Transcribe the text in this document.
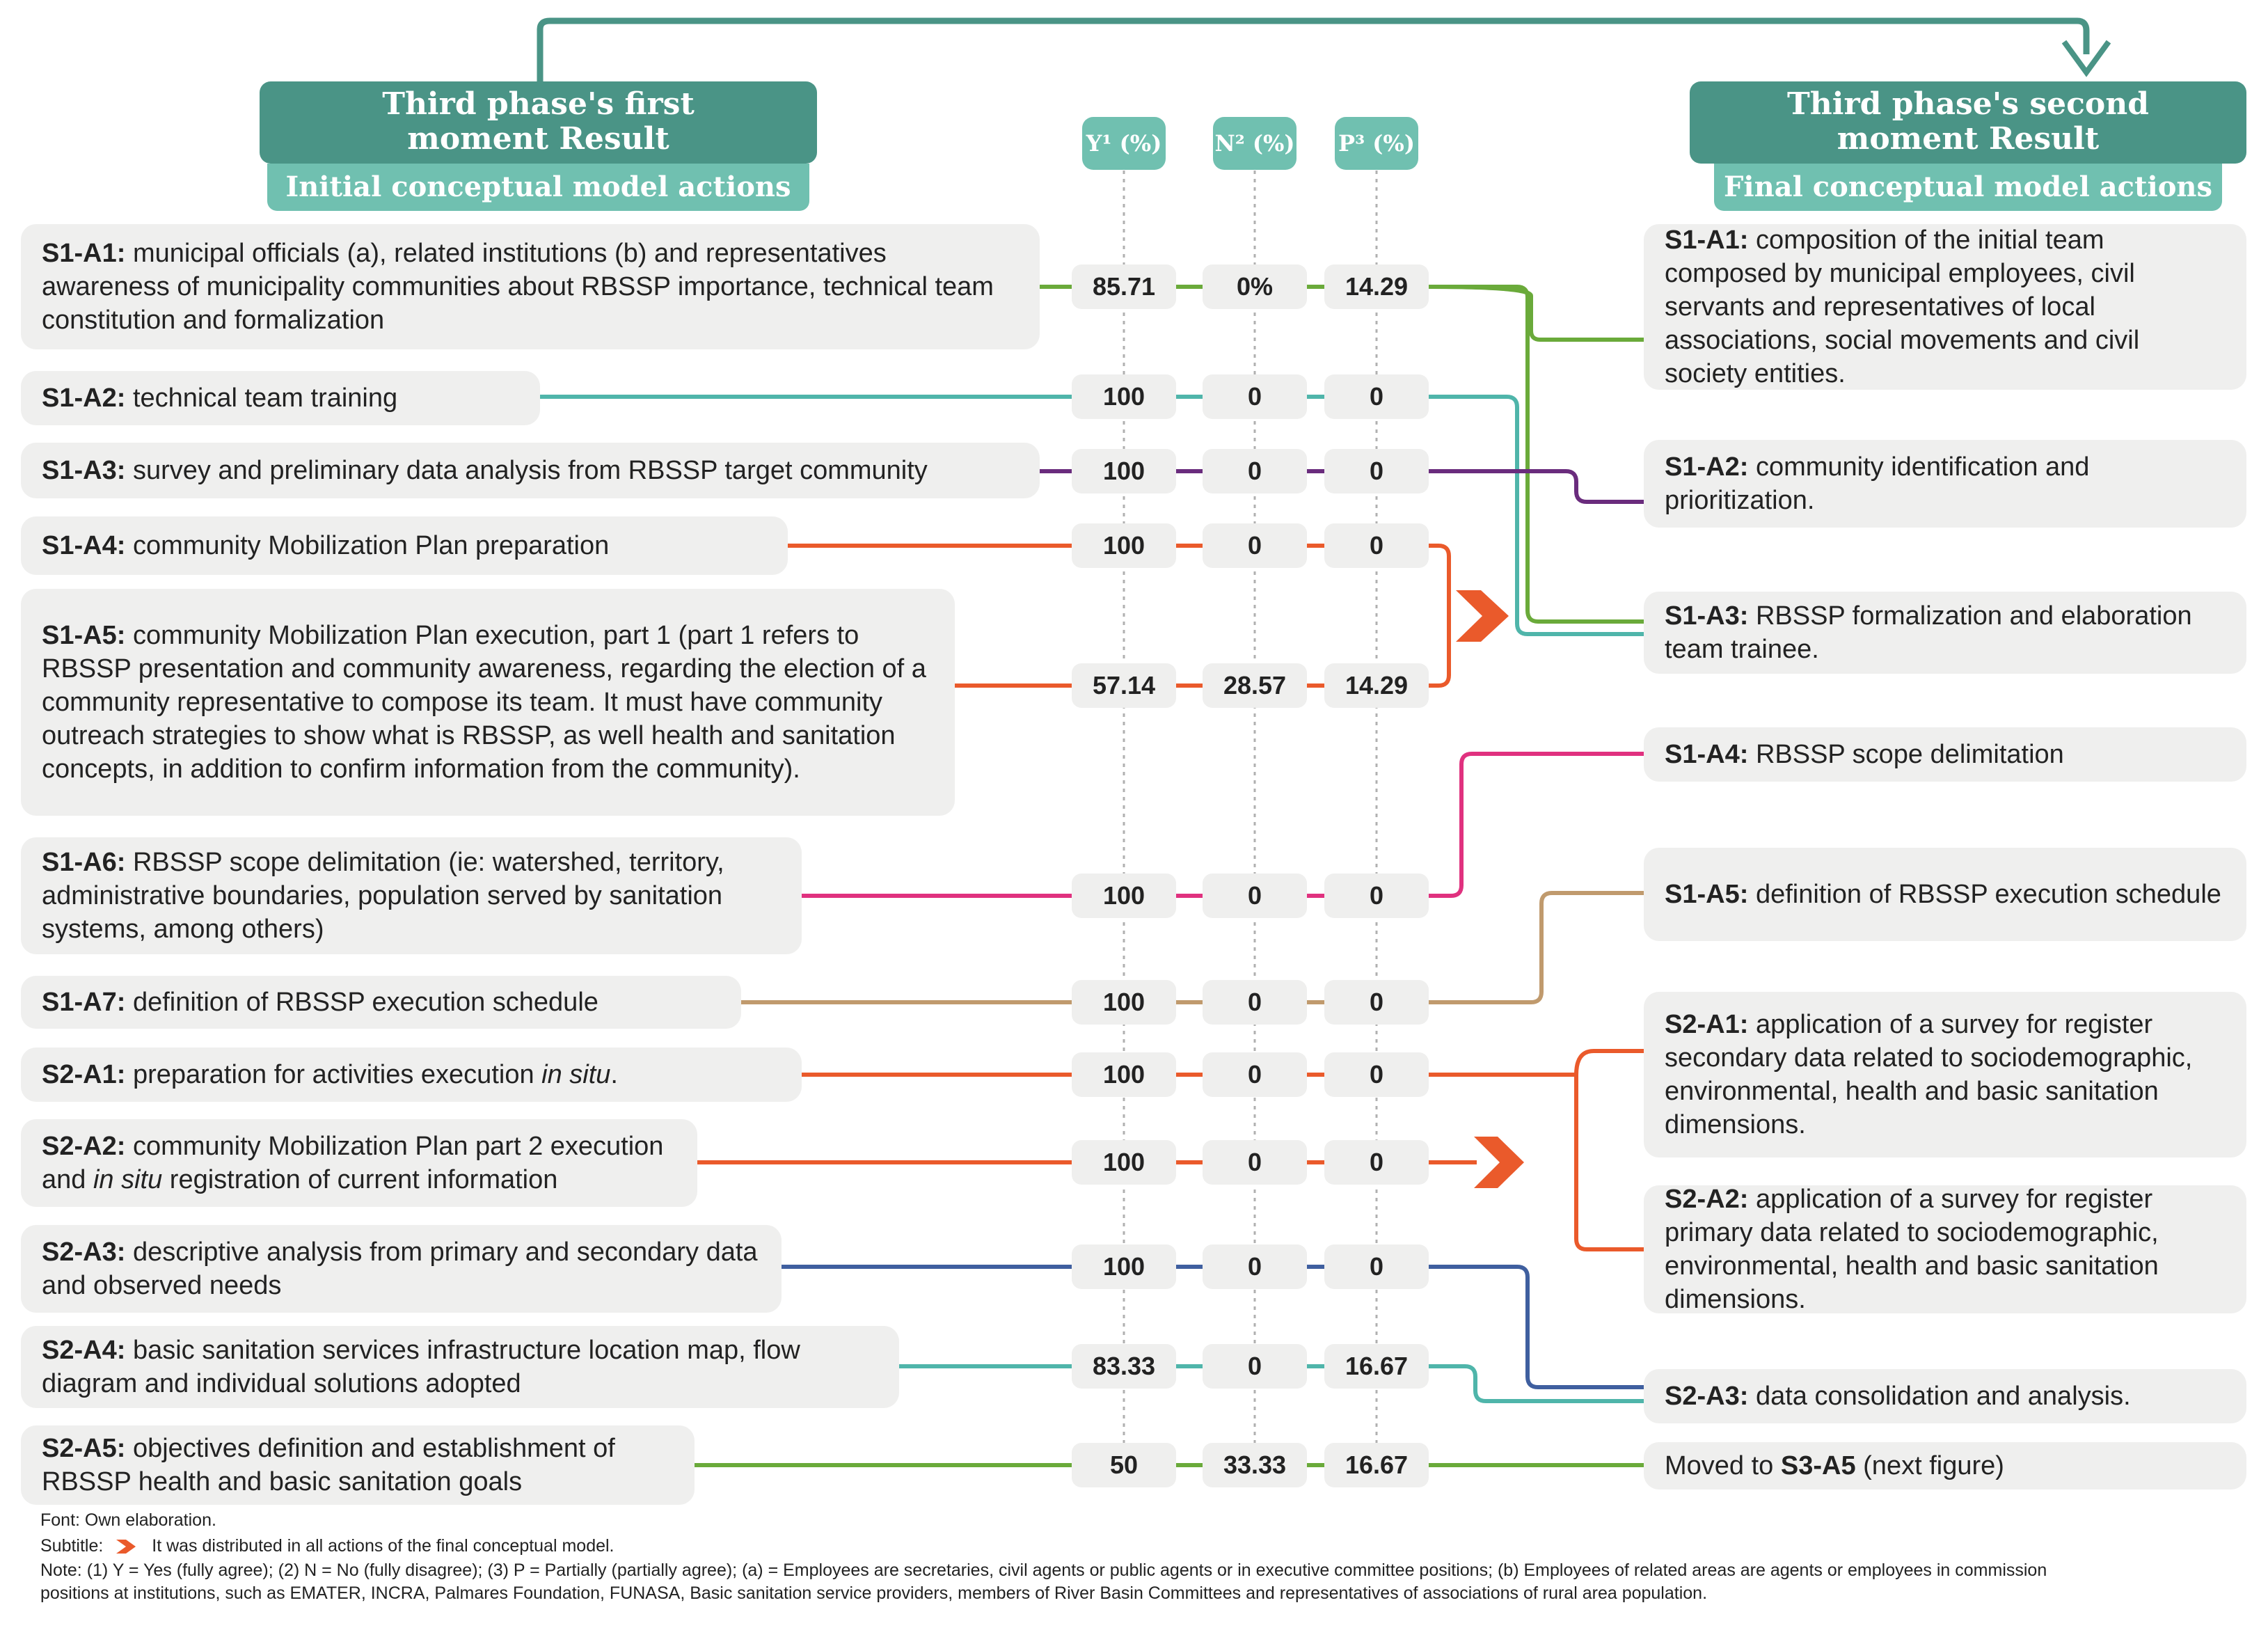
Third phase's first
moment Result
Initial conceptual model actions
Third phase's second
moment Result
Final conceptual model actions
Y¹ (%) N² (%) P³ (%)
S1-A1: municipal officials (a), related institutions (b) and representatives awareness of municipality communities about RBSSP importance, technical team constitution and formalization
S1-A2: technical team training
S1-A3: survey and preliminary data analysis from RBSSP target community
S1-A4: community Mobilization Plan preparation
S1-A5: community Mobilization Plan execution, part 1 (part 1 refers to RBSSP presentation and community awareness, regarding the election of a community representative to compose its team. It must have community outreach strategies to show what is RBSSP, as well health and sanitation concepts, in addition to confirm information from the community).
S1-A6: RBSSP scope delimitation (ie: watershed, territory, administrative boundaries, population served by sanitation systems, among others)
S1-A7: definition of RBSSP execution schedule
S2-A1: preparation for activities execution in situ.
S2-A2: community Mobilization Plan part 2 execution and in situ registration of current information
S2-A3: descriptive analysis from primary and secondary data and observed needs
S2-A4: basic sanitation services infrastructure location map, flow diagram and individual solutions adopted
S2-A5: objectives definition and establishment of RBSSP health and basic sanitation goals
S1-A1: composition of the initial team composed by municipal employees, civil servants and representatives of local associations, social movements and civil society entities.
S1-A2: community identification and prioritization.
S1-A3: RBSSP formalization and elaboration team trainee.
S1-A4: RBSSP scope delimitation
S1-A5: definition of RBSSP execution schedule
S2-A1: application of a survey for register secondary data related to sociodemographic, environmental, health and basic sanitation dimensions.
S2-A2: application of a survey for register primary data related to sociodemographic, environmental, health and basic sanitation dimensions.
S2-A3: data consolidation and analysis.
Moved to S3-A5 (next figure)
85.71	0%	14.29
100	0	0
100	0	0
100	0	0
57.14	28.57	14.29
100	0	0
100	0	0
100	0	0
100	0	0
100	0	0
83.33	0	16.67
50	33.33	16.67
Font: Own elaboration.
Subtitle:	It was distributed in all actions of the final conceptual model.
Note: (1) Y = Yes (fully agree); (2) N = No (fully disagree); (3) P = Partially (partially agree); (a) = Employees are secretaries, civil agents or public agents or in executive committee positions; (b) Employees of related areas are agents or employees in commission
positions at institutions, such as EMATER, INCRA, Palmares Foundation, FUNASA, Basic sanitation service providers, members of River Basin Committees and representatives of associations of rural area population.
